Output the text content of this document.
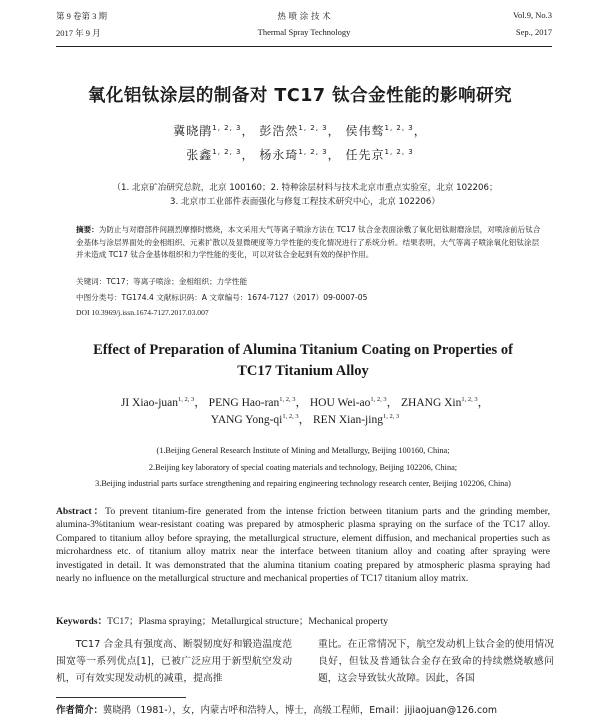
第 9 卷第 3 期	热 喷 涂 技 术	Vol.9, No.3
2017 年 9 月	Thermal Spray Technology	Sep., 2017
氧化铝钛涂层的制备对 TC17 钛合金性能的影响研究
冀晓鹃$^{1, 2, 3}$， 彭浩然$^{1, 2, 3}$， 侯伟骜$^{1, 2, 3}$，
张鑫$^{1, 2, 3}$， 杨永琦$^{1, 2, 3}$， 任先京$^{1, 2, 3}$
（1. 北京矿冶研究总院，北京 100160；2. 特种涂层材料与技术北京市重点实验室，北京 102206；
3. 北京市工业部件表面强化与修复工程技术研究中心，北京 102206）
摘要：为防止与对磨部件间剧烈摩擦时燃烧，本文采用大气等离子喷涂方法在 TC17 钛合金表面涂敷了氧化铝钛耐磨涂层，对喷涂前后钛合金基体与涂层界面处的金相组织、元素扩散以及显微硬度等力学性能的变化情况进行了系统分析。结果表明，大气等离子喷涂氧化铝钛涂层并未造成 TC17 钛合金基体组织和力学性能的变化，可以对钛合金起到有效的保护作用。
关键词：TC17；等离子喷涂；金相组织；力学性能
中图分类号：TG174.4 文献标识码：A 文章编号：1674-7127（2017）09-0007-05
DOI 10.3969/j.issn.1674-7127.2017.03.007
Effect of Preparation of Alumina Titanium Coating on Properties of
TC17 Titanium Alloy
JI Xiao-juan$^{1, 2, 3}$， PENG Hao-ran$^{1, 2, 3}$， HOU Wei-ao$^{1, 2, 3}$， ZHANG Xin$^{1, 2, 3}$，
YANG Yong-qi$^{1, 2, 3}$， REN Xian-jing$^{1, 2, 3}$
(1.Beijing General Research Institute of Mining and Metallurgy, Beijing 100160, China;
2.Beijing key laboratory of special coating materials and technology, Beijing 102206, China;
3.Beijing industrial parts surface strengthening and repairing engineering technology research center, Beijing 102206, China)
Abstract：To prevent titanium-fire generated from the intense friction between titanium parts and the grinding member, alumina-3%titanium wear-resistant coating was prepared by atmospheric plasma spraying on the surface of the TC17 alloy. Compared to titanium alloy before spraying, the metallurgical structure, element diffusion, and mechanical properties such as microhardness etc. of titanium alloy matrix near the interface between titanium alloy and coating after spraying were investigated in detail. It was demonstrated that the alumina titanium coating prepared by atmospheric plasma spraying had nearly no influence on the metallurgical structure and mechanical properties of TC17 titanium alloy matrix.
Keywords：TC17；Plasma spraying；Metallurgical structure；Mechanical property
TC17 合金具有强度高、断裂韧度好和锻造温度范围宽等一系列优点[1]，已被广泛应用于新型航空发动机，可有效实现发动机的减重，提高推
重比。在正常情况下，航空发动机上钛合金的使用情况良好，但钛及普通钛合金存在致命的持续燃烧敏感问题，这会导致钛火故障。因此，各国
作者简介：冀晓鹃（1981-），女，内蒙古呼和浩特人，博士，高级工程师，Email：jijiaojuan@126.com
